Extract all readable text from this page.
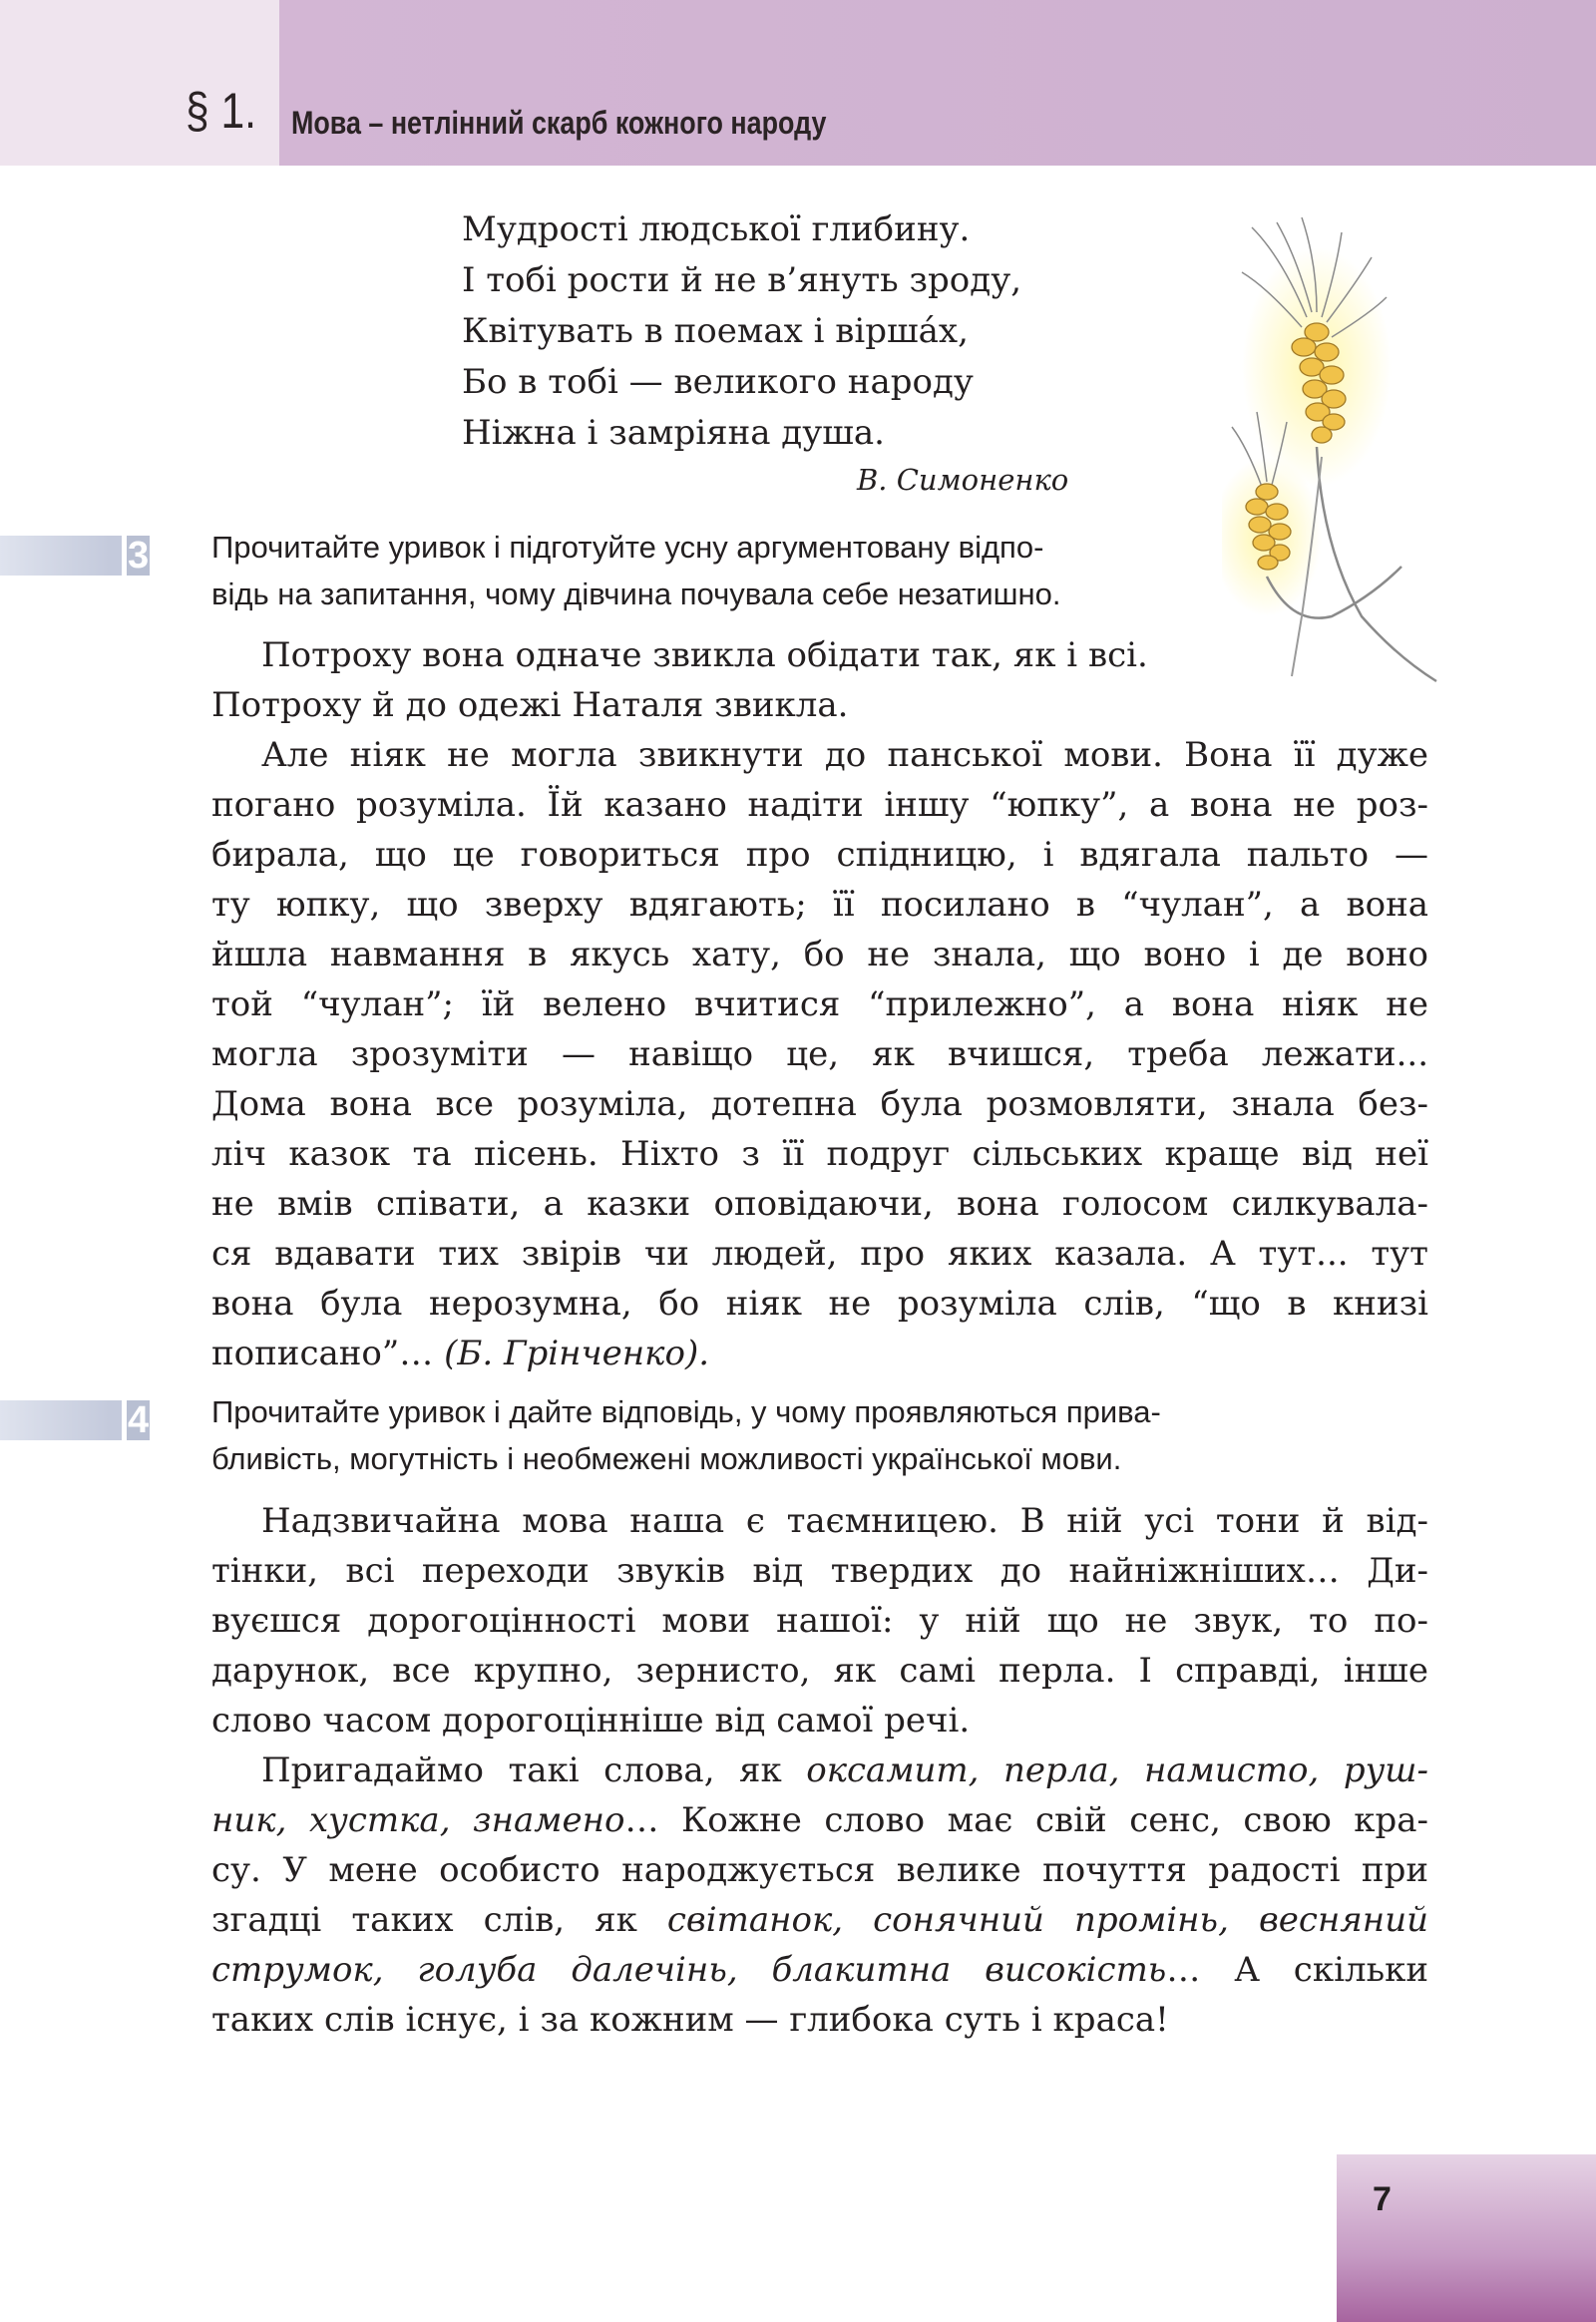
§ 1. Мова – нетлінний скарб кожного народу
Мудрості людської глибину.
І тобі рости й не в’януть зроду,
Квітувать в поемах і віршáх,
Бо в тобі — великого народу
Ніжна і замріяна душа.
В. Симоненко
3 Прочитайте уривок і підготуйте усну аргументовану відпо-
відь на запитання, чому дівчина почувала себе незатишно.
Потроху вона одначе звикла обідати так, як і всі.
Потроху й до одежі Наталя звикла.
Але ніяк не могла звикнути до панської мови. Вона її дуже
погано розуміла. Їй казано надіти іншу “юпку”, а вона не роз-
бирала, що це говориться про спідницю, і вдягала пальто —
ту юпку, що зверху вдягають; її посилано в “чулан”, а вона
йшла навмання в якусь хату, бо не знала, що воно і де воно
той “чулан”; їй велено вчитися “прилежно”, а вона ніяк не
могла зрозуміти — навіщо це, як вчишся, треба лежати...
Дома вона все розуміла, дотепна була розмовляти, знала без-
ліч казок та пісень. Ніхто з її подруг сільських краще від неї
не вмів співати, а казки оповідаючи, вона голосом силкувала-
ся вдавати тих звірів чи людей, про яких казала. А тут... тут
вона була нерозумна, бо ніяк не розуміла слів, “що в книзі
пописано”… (Б. Грінченко).
4 Прочитайте уривок і дайте відповідь, у чому проявляються прива-
бливість, могутність і необмежені можливості української мови.
Надзвичайна мова наша є таємницею. В ній усі тони й від-
тінки, всі переходи звуків від твердих до найніжніших… Ди-
вуєшся дорогоцінності мови нашої: у ній що не звук, то по-
дарунок, все крупно, зернисто, як самі перла. І справді, інше
слово часом дорогоцінніше від самої речі.
Пригадаймо такі слова, як оксамит, перла, намисто, руш-
ник, хустка, знамено… Кожне слово має свій сенс, свою кра-
су. У мене особисто народжується велике почуття радості при
згадці таких слів, як світанок, сонячний промінь, весняний
струмок, голуба далечінь, блакитна високість… А скільки
таких слів існує, і за кожним — глибока суть і краса!
7
